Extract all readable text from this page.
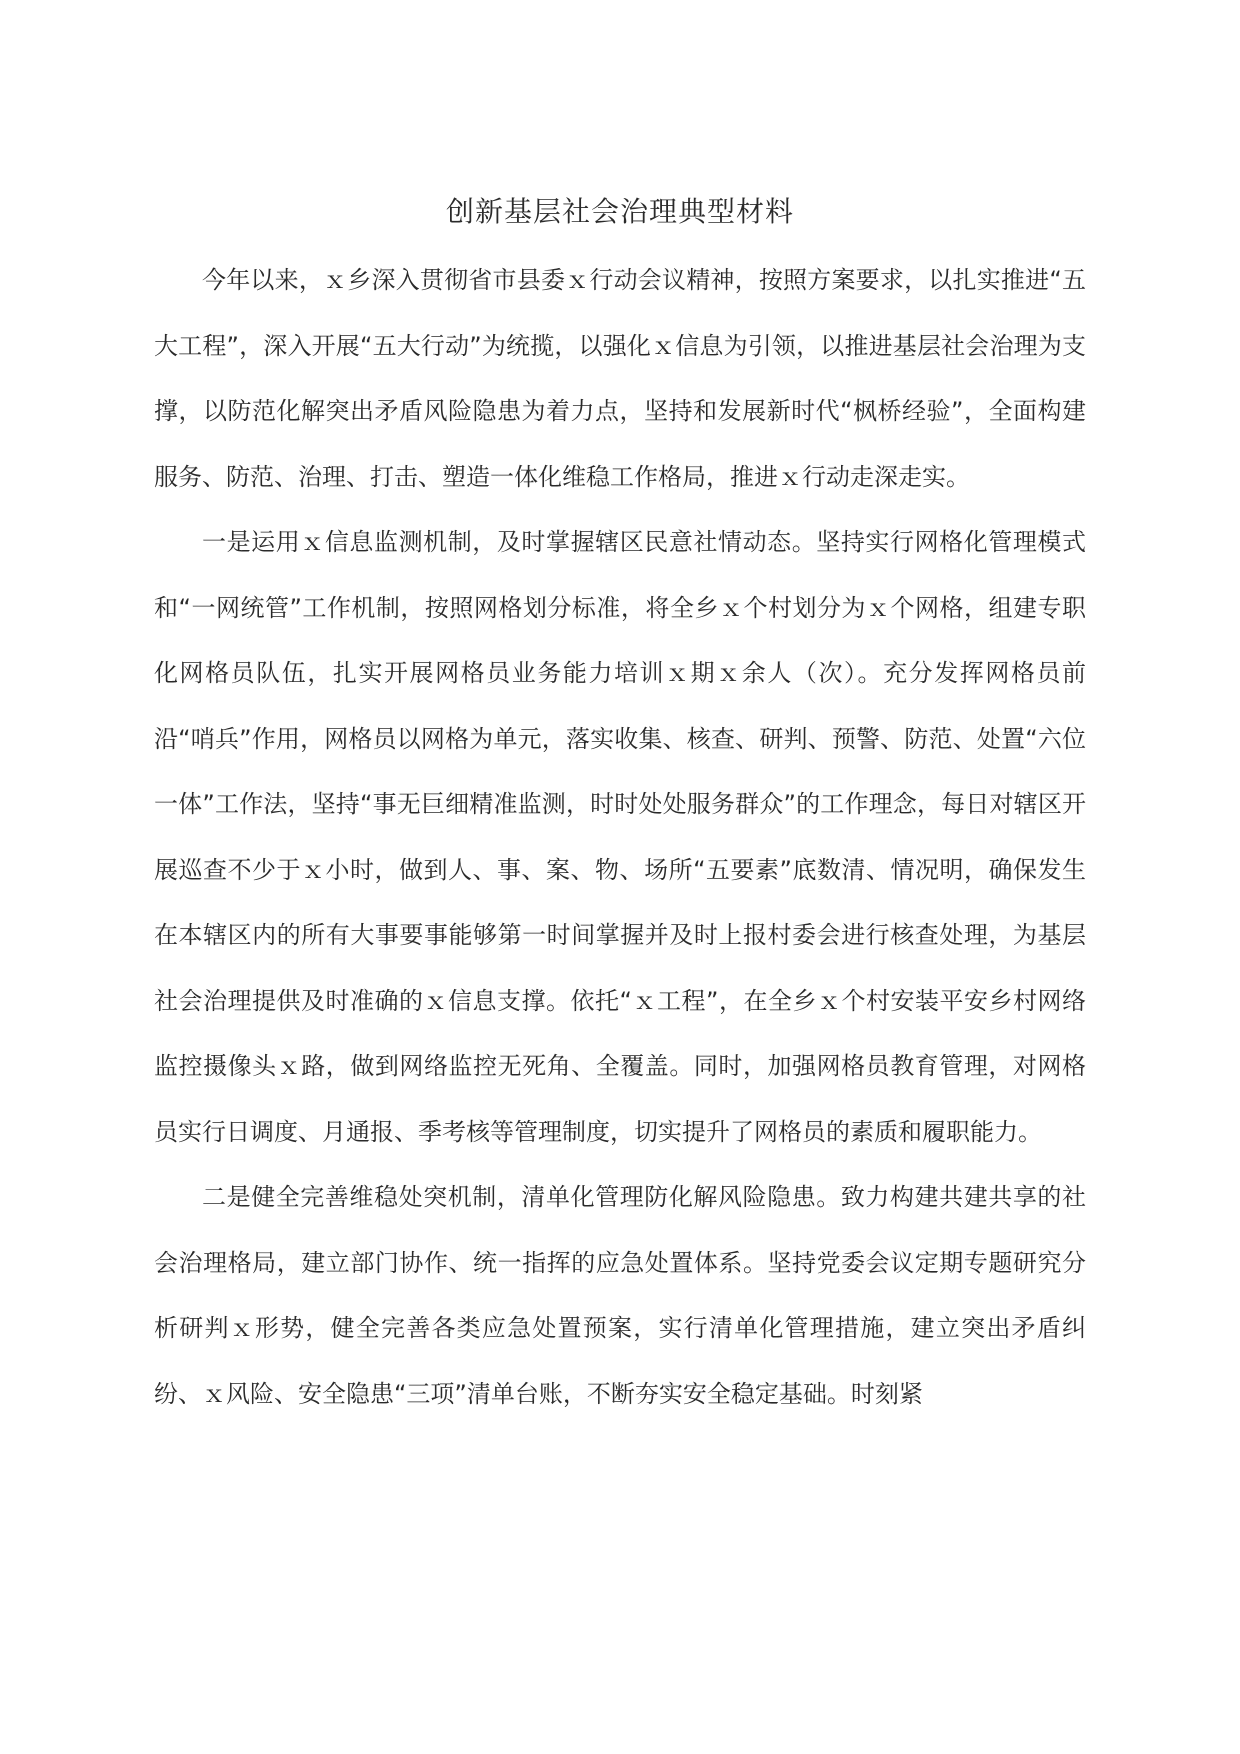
创新基层社会治理典型材料

今年以来，ｘ乡深入贯彻省市县委ｘ行动会议精神，按照方案要求，以扎实推进“五大工程”，深入开展“五大行动”为统揽，以强化ｘ信息为引领，以推进基层社会治理为支撑，以防范化解突出矛盾风险隐患为着力点，坚持和发展新时代“枫桥经验”，全面构建服务、防范、治理、打击、塑造一体化维稳工作格局，推进ｘ行动走深走实。

一是运用ｘ信息监测机制，及时掌握辖区民意社情动态。坚持实行网格化管理模式和“一网统管”工作机制，按照网格划分标准，将全乡ｘ个村划分为ｘ个网格，组建专职化网格员队伍，扎实开展网格员业务能力培训ｘ期ｘ余人（次）。充分发挥网格员前沿“哨兵”作用，网格员以网格为单元，落实收集、核查、研判、预警、防范、处置“六位一体”工作法，坚持“事无巨细精准监测，时时处处服务群众”的工作理念，每日对辖区开展巡查不少于ｘ小时，做到人、事、案、物、场所“五要素”底数清、情况明，确保发生在本辖区内的所有大事要事能够第一时间掌握并及时上报村委会进行核查处理，为基层社会治理提供及时准确的ｘ信息支撑。依托“ｘ工程”，在全乡ｘ个村安装平安乡村网络监控摄像头ｘ路，做到网络监控无死角、全覆盖。同时，加强网格员教育管理，对网格员实行日调度、月通报、季考核等管理制度，切实提升了网格员的素质和履职能力。

二是健全完善维稳处突机制，清单化管理防化解风险隐患。致力构建共建共享的社会治理格局，建立部门协作、统一指挥的应急处置体系。坚持党委会议定期专题研究分析研判ｘ形势，健全完善各类应急处置预案，实行清单化管理措施，建立突出矛盾纠纷、ｘ风险、安全隐患“三项”清单台账，不断夯实安全稳定基础。时刻紧
